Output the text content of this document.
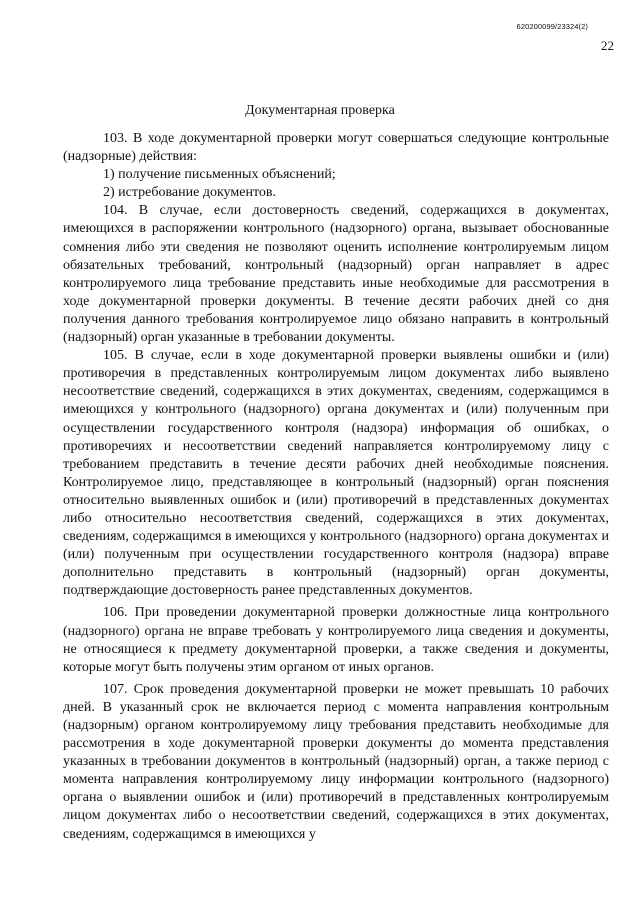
620200099/23324(2)
22
Документарная проверка

103. В ходе документарной проверки могут совершаться следующие контрольные (надзорные) действия:

1) получение письменных объяснений;

2) истребование документов.

104. В случае, если достоверность сведений, содержащихся в документах, имеющихся в распоряжении контрольного (надзорного) органа, вызывает обоснованные сомнения либо эти сведения не позволяют оценить исполнение контролируемым лицом обязательных требований, контрольный (надзорный) орган направляет в адрес контролируемого лица требование представить иные необходимые для рассмотрения в ходе документарной проверки документы. В течение десяти рабочих дней со дня получения данного требования контролируемое лицо обязано направить в контрольный (надзорный) орган указанные в требовании документы.

105. В случае, если в ходе документарной проверки выявлены ошибки и (или) противоречия в представленных контролируемым лицом документах либо выявлено несоответствие сведений, содержащихся в этих документах, сведениям, содержащимся в имеющихся у контрольного (надзорного) органа документах и (или) полученным при осуществлении государственного контроля (надзора) информация об ошибках, о противоречиях и несоответствии сведений направляется контролируемому лицу с требованием представить в течение десяти рабочих дней необходимые пояснения. Контролируемое лицо, представляющее в контрольный (надзорный) орган пояснения относительно выявленных ошибок и (или) противоречий в представленных документах либо относительно несоответствия сведений, содержащихся в этих документах, сведениям, содержащимся в имеющихся у контрольного (надзорного) органа документах и (или) полученным при осуществлении государственного контроля (надзора) вправе дополнительно представить в контрольный (надзорный) орган документы, подтверждающие достоверность ранее представленных документов.

106. При проведении документарной проверки должностные лица контрольного (надзорного) органа не вправе требовать у контролируемого лица сведения и документы, не относящиеся к предмету документарной проверки, а также сведения и документы, которые могут быть получены этим органом от иных органов.

107. Срок проведения документарной проверки не может превышать 10 рабочих дней. В указанный срок не включается период с момента направления контрольным (надзорным) органом контролируемому лицу требования представить необходимые для рассмотрения в ходе документарной проверки документы до момента представления указанных в требовании документов в контрольный (надзорный) орган, а также период с момента направления контролируемому лицу информации контрольного (надзорного) органа о выявлении ошибок и (или) противоречий в представленных контролируемым лицом документах либо о несоответствии сведений, содержащихся в этих документах, сведениям, содержащимся в имеющихся у
